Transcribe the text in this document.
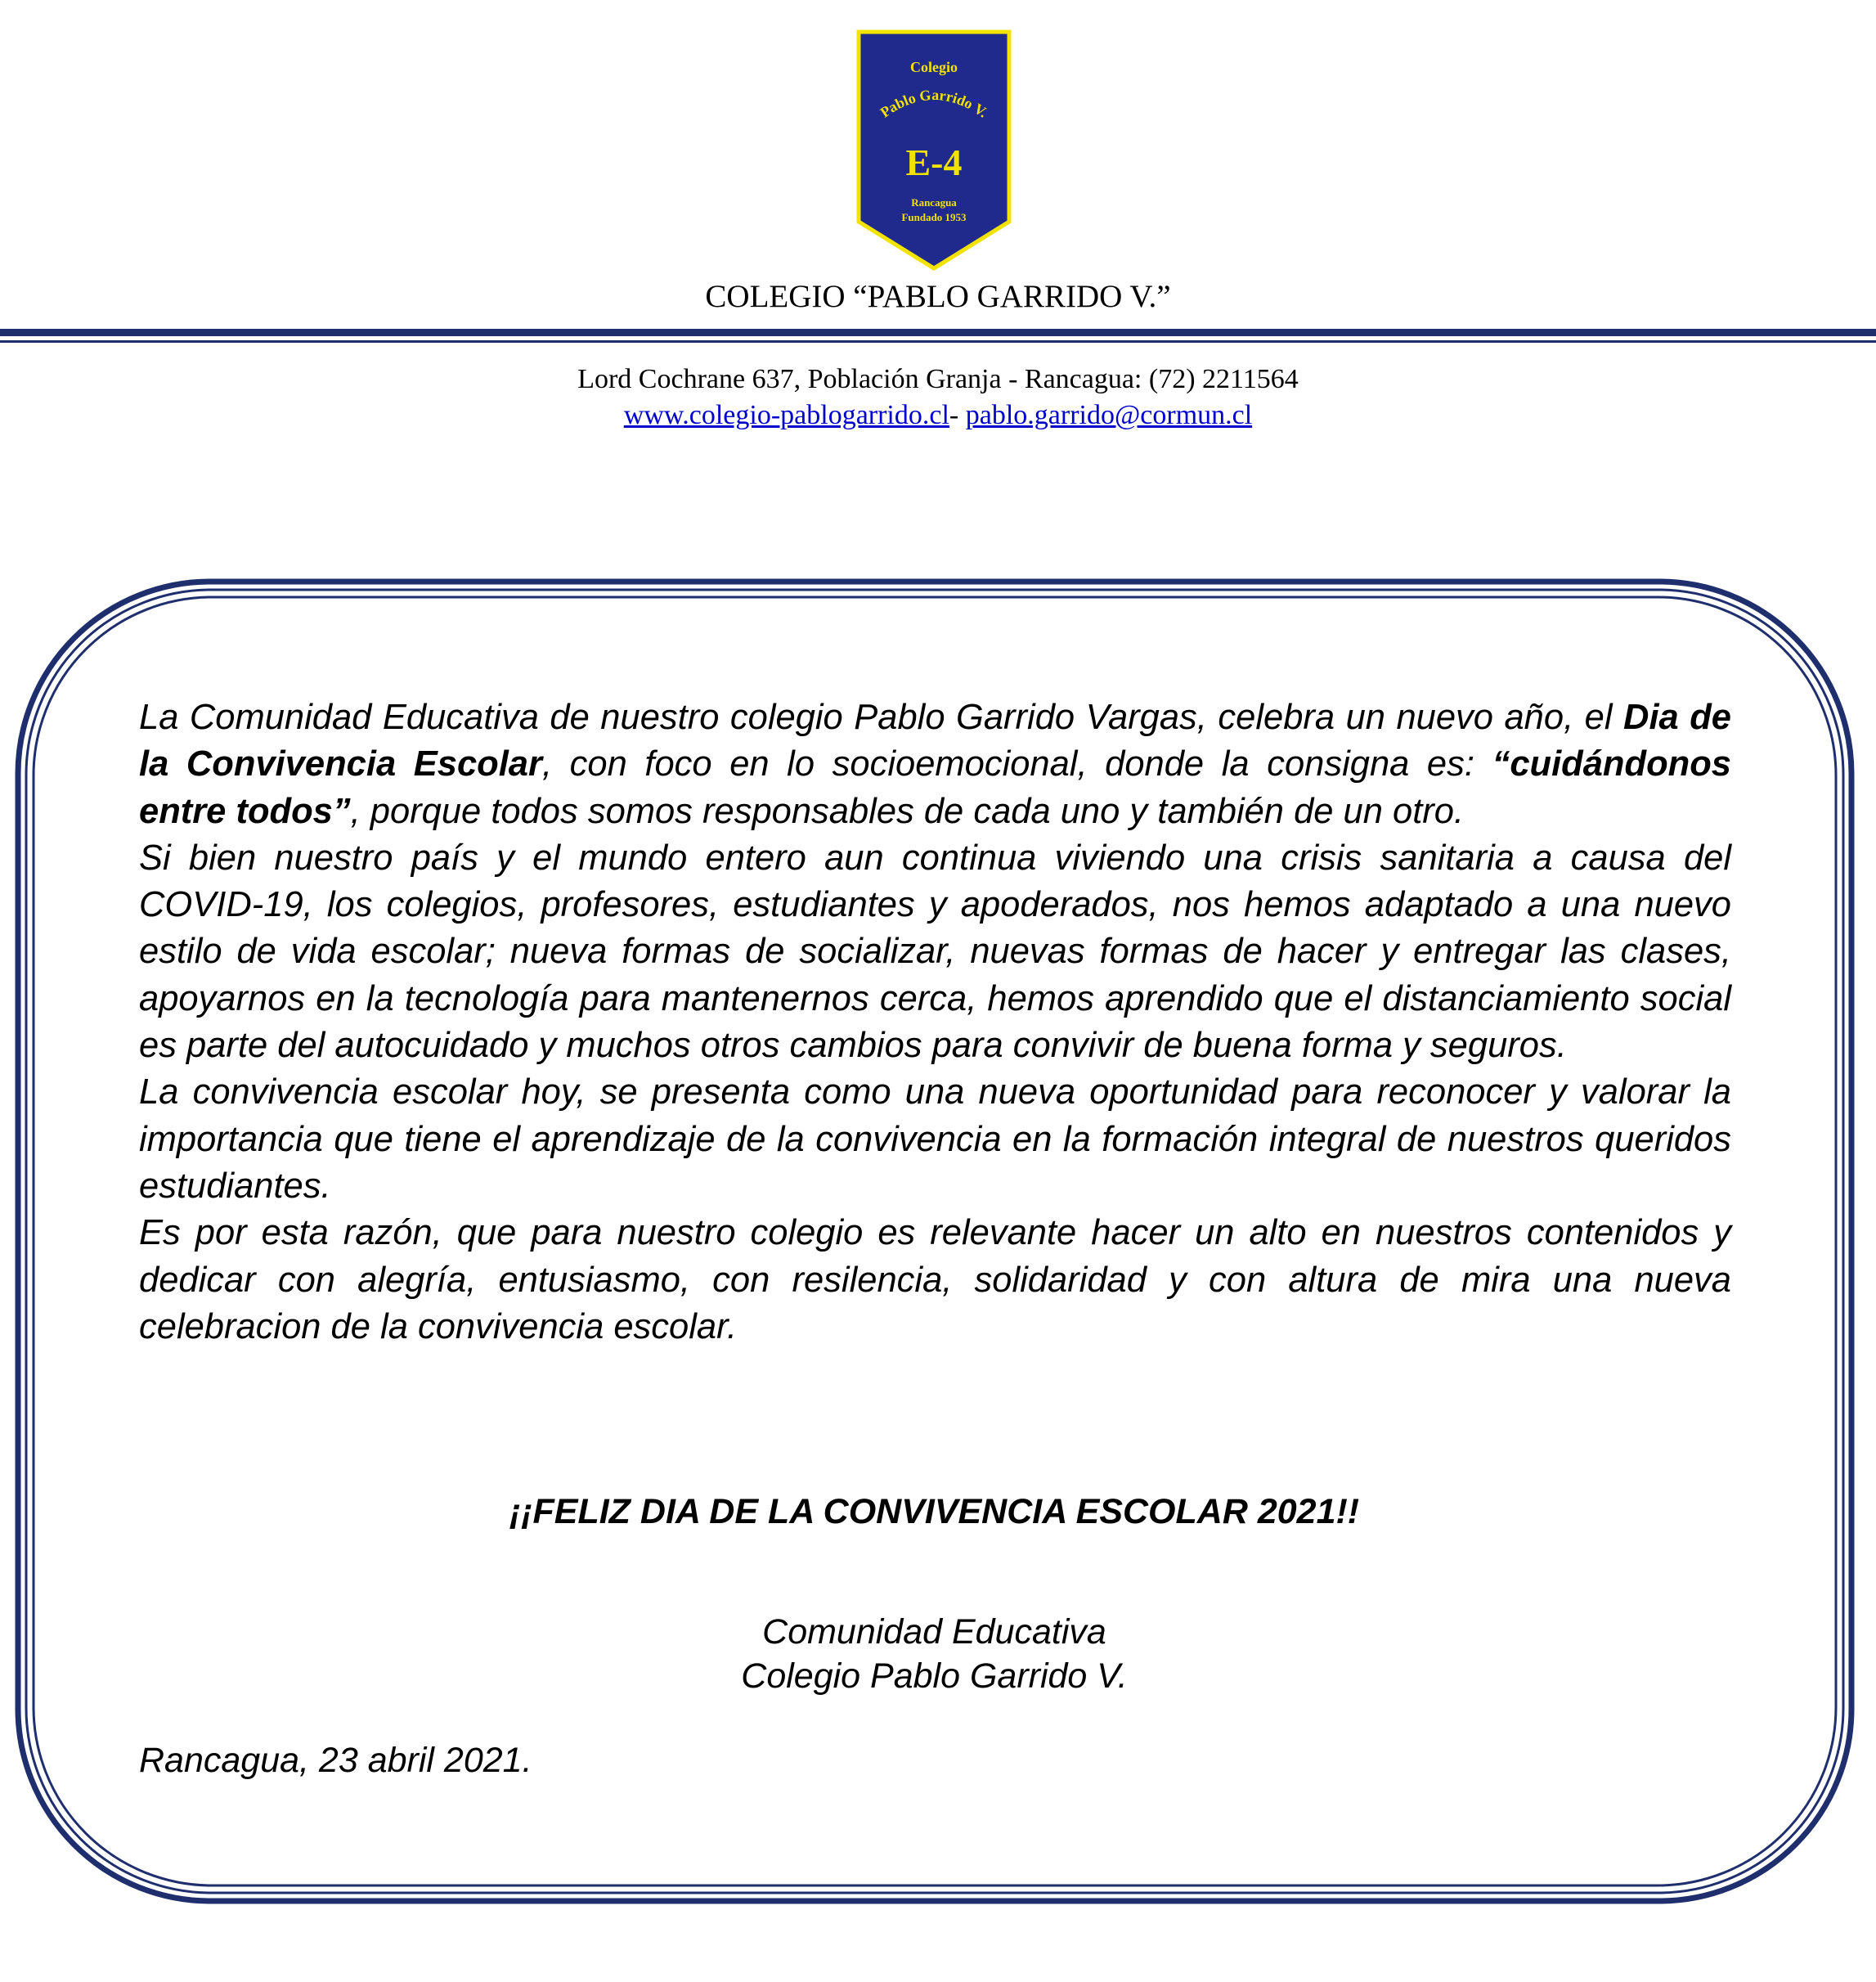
Colegio
Pablo Garrido V.
E-4
Rancagua
Fundado 1953
COLEGIO “PABLO GARRIDO V.”
Lord Cochrane 637, Población Granja - Rancagua: (72) 2211564
www.colegio-pablogarrido.cl- pablo.garrido@cormun.cl

La Comunidad Educativa de nuestro colegio Pablo Garrido Vargas, celebra un nuevo año, el Dia de la Convivencia Escolar, con foco en lo socioemocional, donde la consigna es: “cuidándonos entre todos”, porque todos somos responsables de cada uno y también de un otro.

Si bien nuestro país y el mundo entero aun continua viviendo una crisis sanitaria a causa del COVID-19, los colegios, profesores, estudiantes y apoderados, nos hemos adaptado a una nuevo estilo de vida escolar; nueva formas de socializar, nuevas formas de hacer y entregar las clases, apoyarnos en la tecnología para mantenernos cerca, hemos aprendido que el distanciamiento social es parte del autocuidado y muchos otros cambios para convivir de buena forma y seguros.

La convivencia escolar hoy, se presenta como una nueva oportunidad para reconocer y valorar la importancia que tiene el aprendizaje de la convivencia en la formación integral de nuestros queridos estudiantes.

Es por esta razón, que para nuestro colegio es relevante hacer un alto en nuestros contenidos y dedicar con alegría, entusiasmo, con resilencia, solidaridad y con altura de mira una nueva celebracion de la convivencia escolar.

¡¡FELIZ DIA DE LA CONVIVENCIA ESCOLAR 2021!!
Comunidad Educativa
Colegio Pablo Garrido V.
Rancagua, 23 abril 2021.
